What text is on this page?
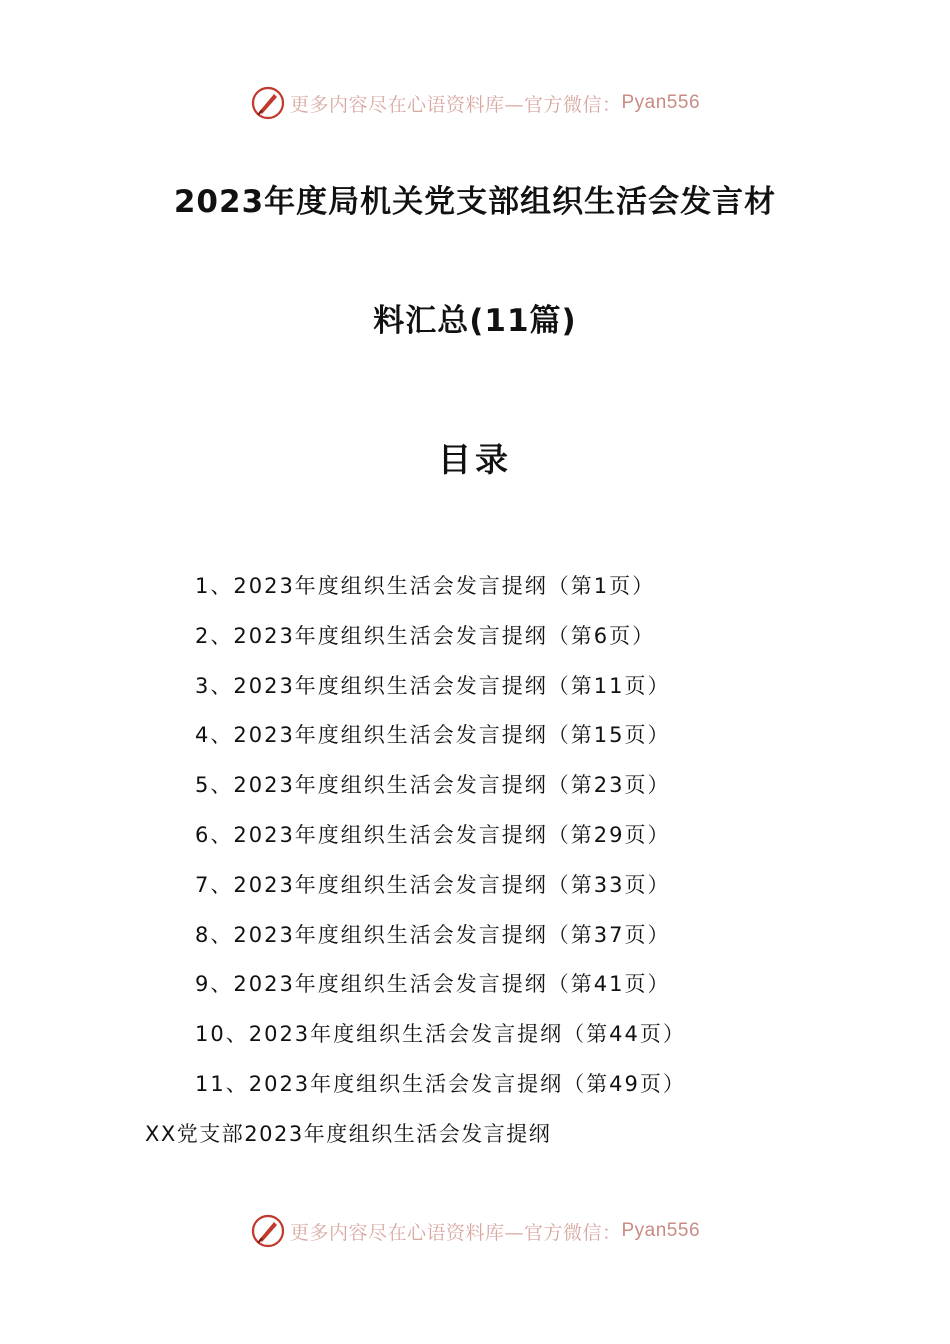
更多内容尽在心语资料库—官方微信： Pyan556
2023年度局机关党支部组织生活会发言材
料汇总(11篇)
目录
1、2023年度组织生活会发言提纲（第1页）
2、2023年度组织生活会发言提纲（第6页）
3、2023年度组织生活会发言提纲（第11页）
4、2023年度组织生活会发言提纲（第15页）
5、2023年度组织生活会发言提纲（第23页）
6、2023年度组织生活会发言提纲（第29页）
7、2023年度组织生活会发言提纲（第33页）
8、2023年度组织生活会发言提纲（第37页）
9、2023年度组织生活会发言提纲（第41页）
10、2023年度组织生活会发言提纲（第44页）
11、2023年度组织生活会发言提纲（第49页）
XX党支部2023年度组织生活会发言提纲
更多内容尽在心语资料库—官方微信： Pyan556
